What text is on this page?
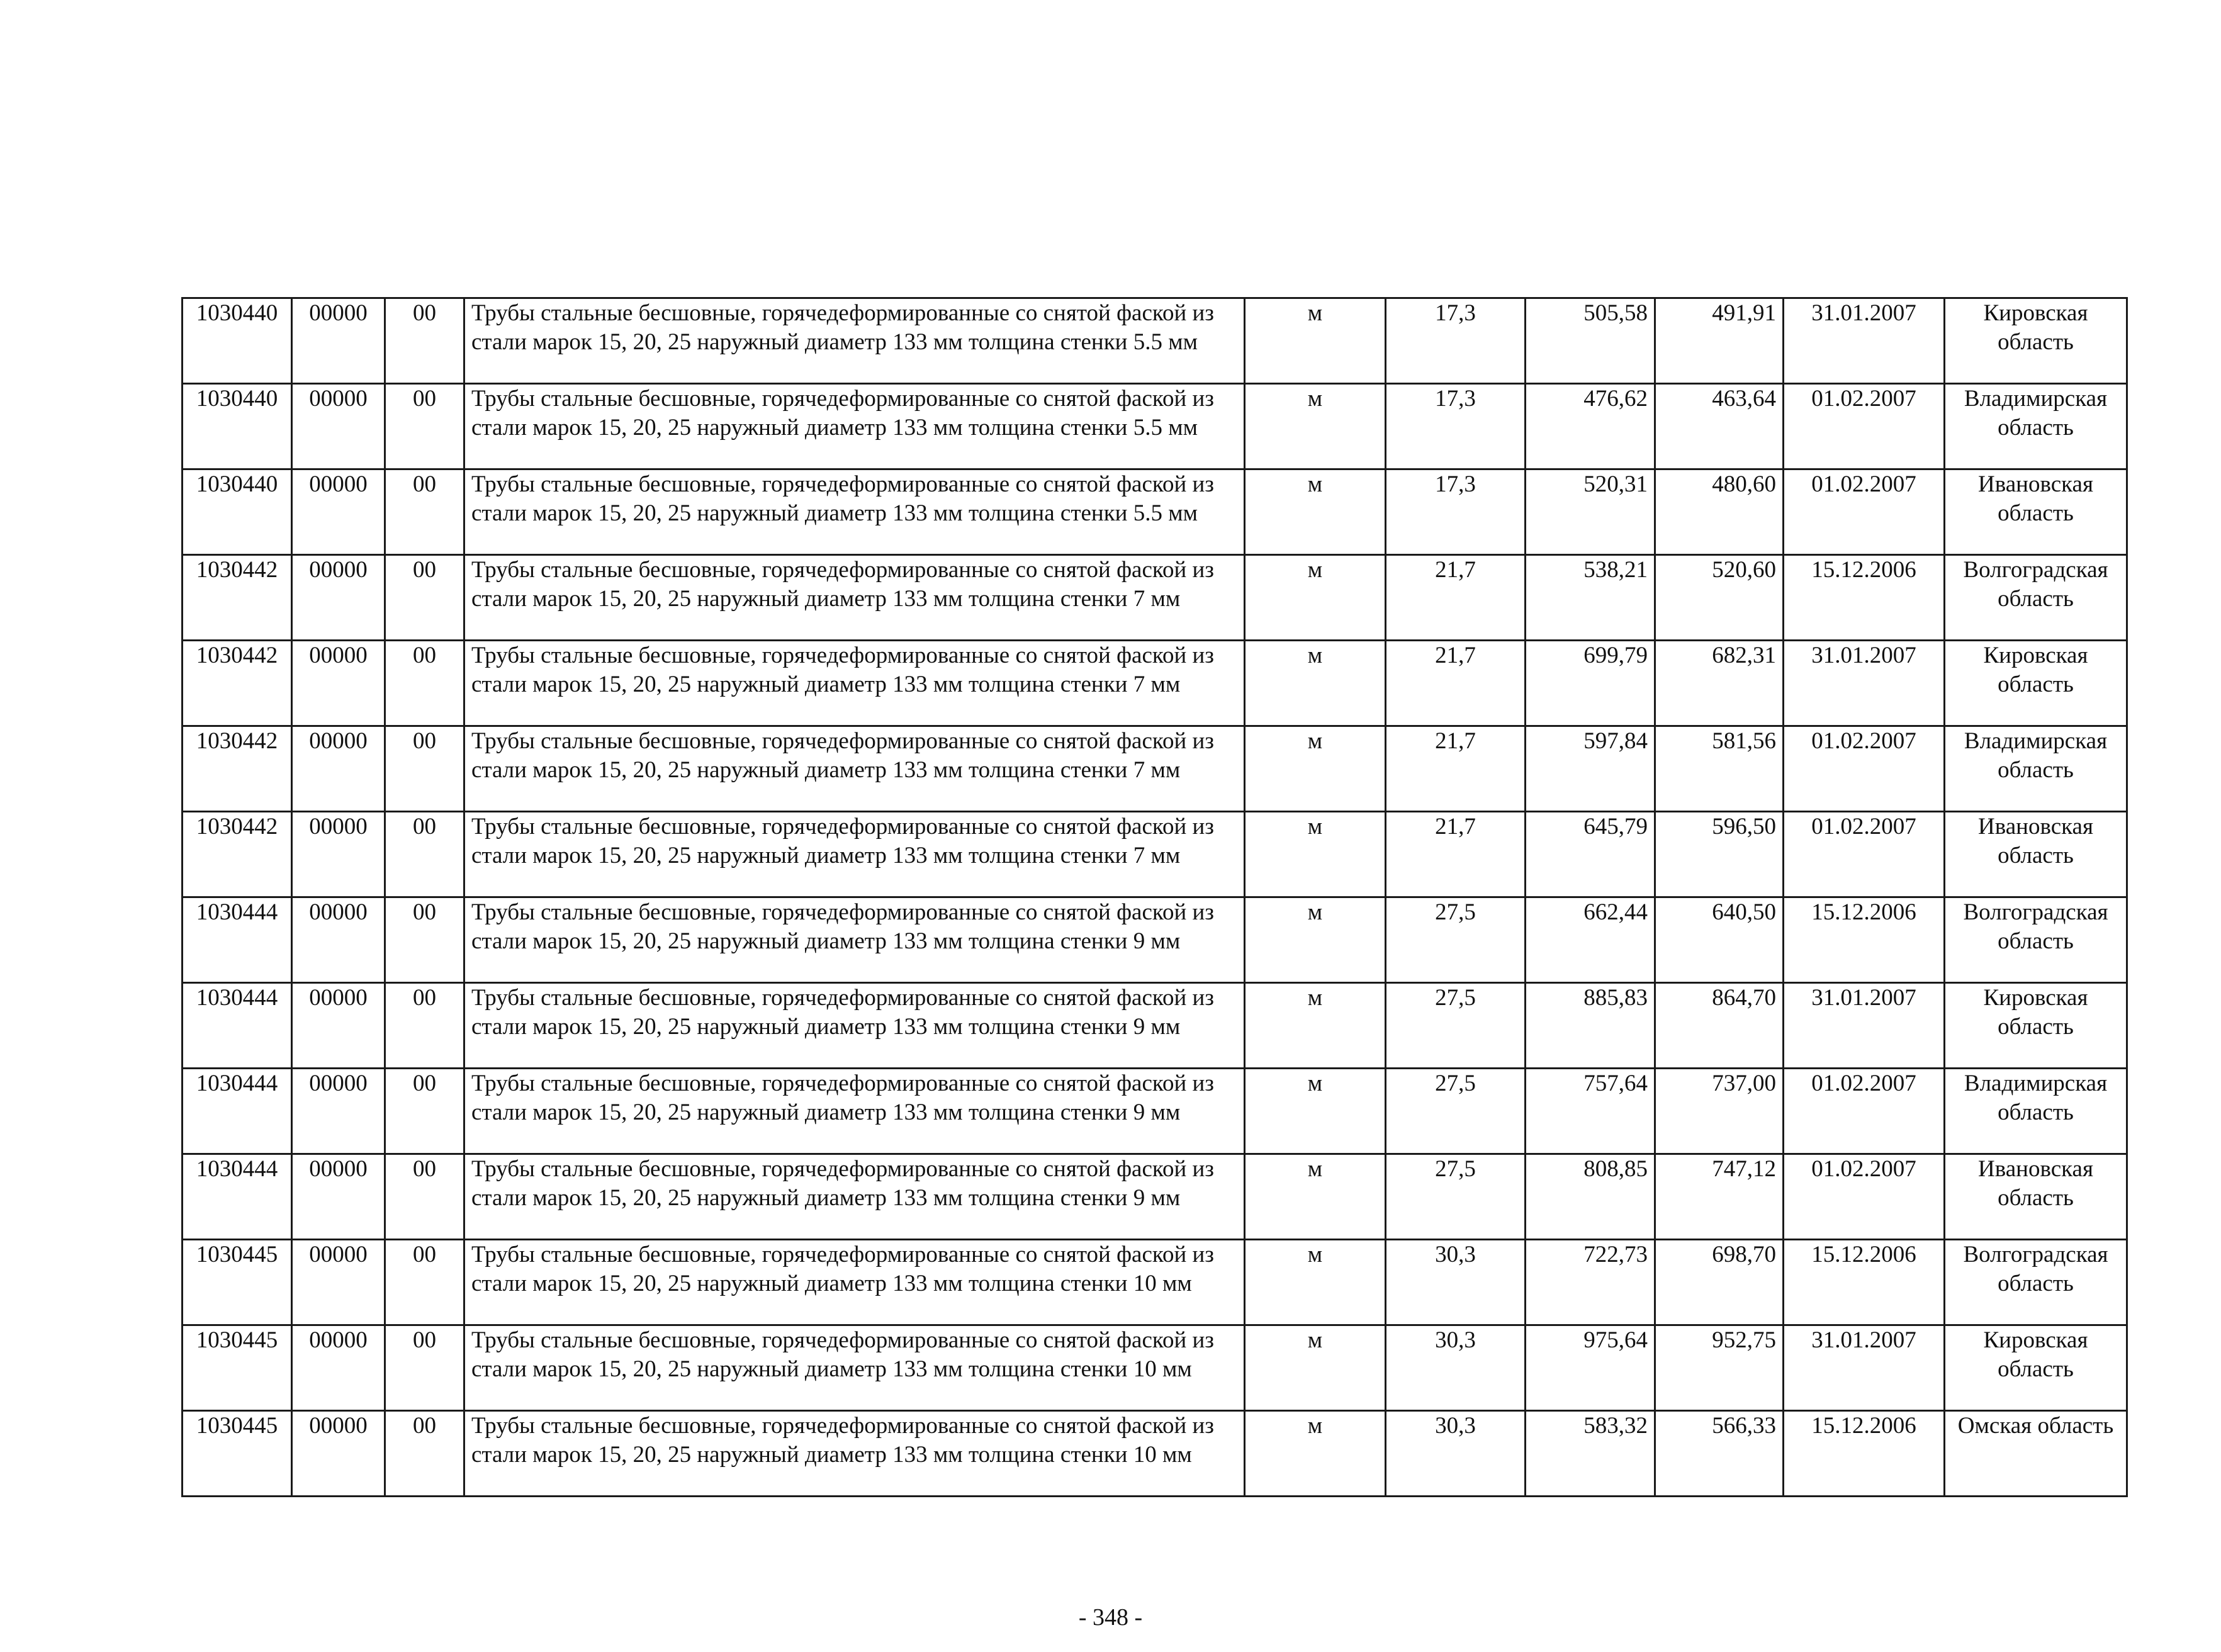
1030440	00000	00	Трубы стальные бесшовные, горячедеформированные со снятой фаской из стали марок 15, 20, 25 наружный диаметр 133 мм толщина стенки 5.5 мм	м	17,3	505,58	491,91	31.01.2007	Кировская область
1030440	00000	00	Трубы стальные бесшовные, горячедеформированные со снятой фаской из стали марок 15, 20, 25 наружный диаметр 133 мм толщина стенки 5.5 мм	м	17,3	476,62	463,64	01.02.2007	Владимирская область
1030440	00000	00	Трубы стальные бесшовные, горячедеформированные со снятой фаской из стали марок 15, 20, 25 наружный диаметр 133 мм толщина стенки 5.5 мм	м	17,3	520,31	480,60	01.02.2007	Ивановская область
1030442	00000	00	Трубы стальные бесшовные, горячедеформированные со снятой фаской из стали марок 15, 20, 25 наружный диаметр 133 мм толщина стенки 7 мм	м	21,7	538,21	520,60	15.12.2006	Волгоградская область
1030442	00000	00	Трубы стальные бесшовные, горячедеформированные со снятой фаской из стали марок 15, 20, 25 наружный диаметр 133 мм толщина стенки 7 мм	м	21,7	699,79	682,31	31.01.2007	Кировская область
1030442	00000	00	Трубы стальные бесшовные, горячедеформированные со снятой фаской из стали марок 15, 20, 25 наружный диаметр 133 мм толщина стенки 7 мм	м	21,7	597,84	581,56	01.02.2007	Владимирская область
1030442	00000	00	Трубы стальные бесшовные, горячедеформированные со снятой фаской из стали марок 15, 20, 25 наружный диаметр 133 мм толщина стенки 7 мм	м	21,7	645,79	596,50	01.02.2007	Ивановская область
1030444	00000	00	Трубы стальные бесшовные, горячедеформированные со снятой фаской из стали марок 15, 20, 25 наружный диаметр 133 мм толщина стенки 9 мм	м	27,5	662,44	640,50	15.12.2006	Волгоградская область
1030444	00000	00	Трубы стальные бесшовные, горячедеформированные со снятой фаской из стали марок 15, 20, 25 наружный диаметр 133 мм толщина стенки 9 мм	м	27,5	885,83	864,70	31.01.2007	Кировская область
1030444	00000	00	Трубы стальные бесшовные, горячедеформированные со снятой фаской из стали марок 15, 20, 25 наружный диаметр 133 мм толщина стенки 9 мм	м	27,5	757,64	737,00	01.02.2007	Владимирская область
1030444	00000	00	Трубы стальные бесшовные, горячедеформированные со снятой фаской из стали марок 15, 20, 25 наружный диаметр 133 мм толщина стенки 9 мм	м	27,5	808,85	747,12	01.02.2007	Ивановская область
1030445	00000	00	Трубы стальные бесшовные, горячедеформированные со снятой фаской из стали марок 15, 20, 25 наружный диаметр 133 мм толщина стенки 10 мм	м	30,3	722,73	698,70	15.12.2006	Волгоградская область
1030445	00000	00	Трубы стальные бесшовные, горячедеформированные со снятой фаской из стали марок 15, 20, 25 наружный диаметр 133 мм толщина стенки 10 мм	м	30,3	975,64	952,75	31.01.2007	Кировская область
1030445	00000	00	Трубы стальные бесшовные, горячедеформированные со снятой фаской из стали марок 15, 20, 25 наружный диаметр 133 мм толщина стенки 10 мм	м	30,3	583,32	566,33	15.12.2006	Омская область
- 348 -
